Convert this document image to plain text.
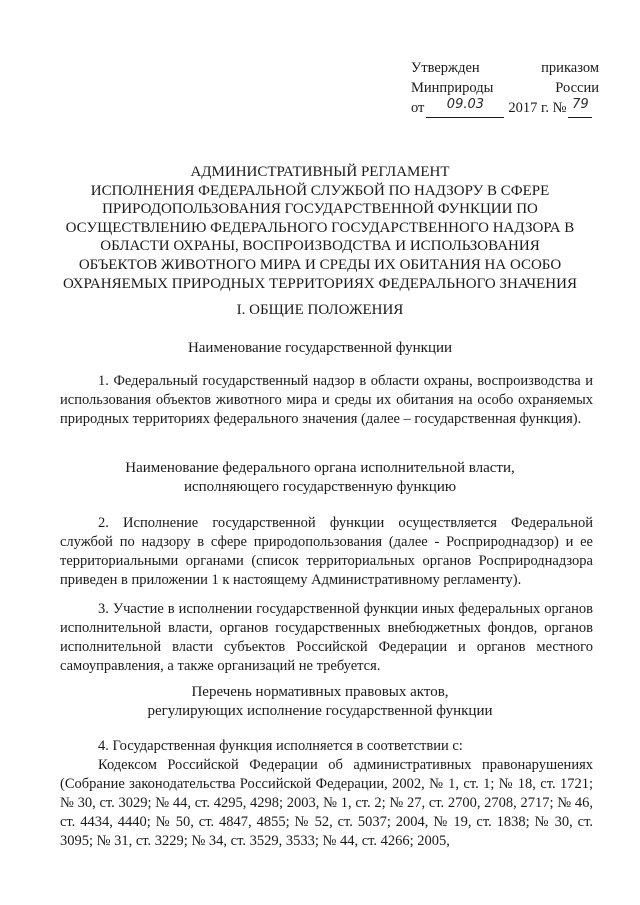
Утвержден	приказом
Минприроды	России
от	09.03	2017 г. № 79
АДМИНИСТРАТИВНЫЙ РЕГЛАМЕНТ
ИСПОЛНЕНИЯ ФЕДЕРАЛЬНОЙ СЛУЖБОЙ ПО НАДЗОРУ В СФЕРЕ
ПРИРОДОПОЛЬЗОВАНИЯ ГОСУДАРСТВЕННОЙ ФУНКЦИИ ПО
ОСУЩЕСТВЛЕНИЮ ФЕДЕРАЛЬНОГО ГОСУДАРСТВЕННОГО НАДЗОРА В
ОБЛАСТИ ОХРАНЫ, ВОСПРОИЗВОДСТВА И ИСПОЛЬЗОВАНИЯ
ОБЪЕКТОВ ЖИВОТНОГО МИРА И СРЕДЫ ИХ ОБИТАНИЯ НА ОСОБО
ОХРАНЯЕМЫХ ПРИРОДНЫХ ТЕРРИТОРИЯХ ФЕДЕРАЛЬНОГО ЗНАЧЕНИЯ
I. ОБЩИЕ ПОЛОЖЕНИЯ
Наименование государственной функции
1. Федеральный государственный надзор в области охраны, воспроизводства и использования объектов животного мира и среды их обитания на особо охраняемых природных территориях федерального значения (далее – государственная функция).
Наименование федерального органа исполнительной власти,
исполняющего государственную функцию
2. Исполнение государственной функции осуществляется Федеральной службой по надзору в сфере природопользования (далее - Росприроднадзор) и ее территориальными органами (список территориальных органов Росприроднадзора приведен в приложении 1 к настоящему Административному регламенту).
3. Участие в исполнении государственной функции иных федеральных органов исполнительной власти, органов государственных внебюджетных фондов, органов исполнительной власти субъектов Российской Федерации и органов местного самоуправления, а также организаций не требуется.
Перечень нормативных правовых актов,
регулирующих исполнение государственной функции
4. Государственная функция исполняется в соответствии с:
Кодексом Российской Федерации об административных правонарушениях (Собрание законодательства Российской Федерации, 2002, № 1, ст. 1; № 18, ст. 1721; № 30, ст. 3029; № 44, ст. 4295, 4298; 2003, № 1, ст. 2; № 27, ст. 2700, 2708, 2717; № 46, ст. 4434, 4440; № 50, ст. 4847, 4855; № 52, ст. 5037; 2004, № 19, ст. 1838; № 30, ст. 3095; № 31, ст. 3229; № 34, ст. 3529, 3533; № 44, ст. 4266; 2005,
